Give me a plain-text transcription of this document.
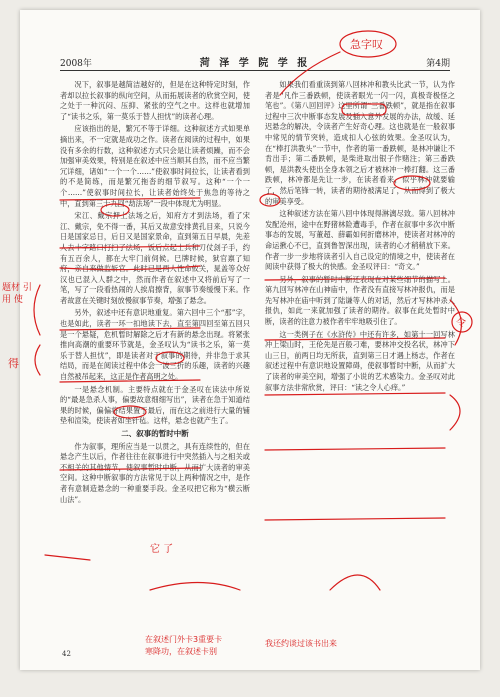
2008年	菏 泽 学 院 学 报	第4期

况下，叙事是越简洁越好的，但是在这种特定时刻，作者却以拉长叙事的纵向空间，从而拓展读者的欣赏空间，使之处于一种沉闷、压抑、紧张的空气之中。这样也就增加了“读书之乐，第一莫乐于替人担忧”的读者心理。

应该指出的是，繁冗不等于详细。这种叙述方式如果单摘出来，不一定就是成功之作。读者在阅读的过程中，如果没有多余的行数，这种叙述方式只会是让读者烦躁，而不会加强审美效果，特别是在叙述中应当顺其自然，而不应当繁冗详细，诸如“一个一个……”使叙事时间拉长，让读者看到的不是简练，而是繁冗拖沓的细节叙写。这种“一个一个……”使叙事时间拉长，让读者始终处于焦急的等待之中，直到第三十九回“劫法场”一段中体现尤为明显。

宋江、戴宗押上法场之后，知府方才到法场，看了宋江、戴宗，免不得一番，其后又故意安排黄孔目来，只说今日是国家忌日，后日又是国家景命，直到第五日早晨，先差人去十字路口打扫了法场，饭后点起士兵和刀仗刽子手，约有五百余人，都在大牢门前伺候。巳牌时候，狱官禀了知府，亲自来做监斩官。此时已是两人性命攸关，晁盖等众好汉也已混入人群之中，然而作者在叙述中又将前后写了一笔，写了一段看热闹的人挨肩擦背，叙事节奏缓慢下来。作者故意在关键时刻放慢叙事节奏，增强了悬念。

另外，叙述中还有意识地重复。第六回中三个“那”字，也是如此，读者一环一扣地读下去，直至第四回至第五回只是一个悬疑，危机暂时解除之后才有新的悬念出现。将紧张推向高潮的重要环节就是，金圣叹认为“读书之乐，第一莫乐于替人担忧”，即是读者对于叙事的期待，并非急于求其结局，而是在阅读过程中体会一波三折的乐趣，读者的兴趣自然被吊起来，这正是作者高明之处。

一是悬念机制。主要特点就在于金圣叹在读法中所说的“最是急杀人事，偏要故意细细写出”，读者在急于知道结果的时候，偏偏将结果置于最后，而在这之前进行大量的铺垫和渲染，使读者如坐针毡。这样，悬念也就产生了。

二、叙事的暂时中断

作为叙事，理所应当是一以贯之，具有连续性的，但在悬念产生以后，作者往往在叙事进行中突然插入与之相关或不相关的其他情节，使叙事暂时中断，从而扩大读者的审美空间。这种中断叙事的方法常见于以上两种情况之中，是作者有意制造悬念的一种重要手段。金圣叹把它称为“横云断山法”。

如果我们看重读到第八回林冲和教头比武一节，认为作者是“凡作三番跌顿，使读者眼光一闪一闪，真极奇极怪之笔也”。《第八回回评》这里所谓“三番跌顿”，就是指在叙事过程中三次中断事态发展及插入意外发展的办法，故缓、延迟悬念的解决，令读者产生好奇心理。这也就是在一般叙事中常见的情节突转，造成扣人心弦的效果。金圣叹认为，在“棒打洪教头”一节中，作者的第一番跌顿，是林冲谦让不肯出手；第二番跌顿，是柴进取出银子作赌注；第三番跌顿，是洪教头使出全身本领之后才被林冲一棒打翻。这三番跌顿，林冲都是先让一步，在读者看来，似乎林冲就要输了，然后笔锋一转，读者的期待被满足了，从而得到了极大的审美享受。

这种叙述方法在第八回中体现得淋漓尽致。第八回林冲发配沧州，途中在野猪林险遭毒手，作者在叙事中多次中断事态的发展，写董超、薛霸如何折磨林冲，使读者对林冲的命运揪心不已，直到鲁智深出现，读者的心才稍稍放下来。作者一步一步地将读者引入自己设定的情境之中，使读者在阅读中获得了极大的快感。金圣叹评曰：“奇文。”

另外，叙事的暂时中断还表现在对某些细节的描写上。第九回写林冲在山神庙中，作者没有直接写林冲报仇，而是先写林冲在庙中听到了陆谦等人的对话，然后才写林冲杀人报仇，如此一来就加强了读者的期待。叙事在此处暂时中断，读者的注意力被作者牢牢地吸引住了。

这一类例子在《水浒传》中还有许多，如第十一回写林冲上梁山时，王伦先是百般刁难，要林冲交投名状，林冲下山三日，前两日均无所获，直到第三日才遇上杨志，作者在叙述过程中有意识地设置障碍，使叙事暂时中断，从而扩大了读者的审美空间，增强了小说的艺术感染力。金圣叹对此叙事方法非常欣赏，评曰：“读之令人心痒。”

42
急字叹
题材 引用 使
得
令
它 了
在叙述门外卡3重要卡
寒降功，在叙述卡别
我还约谈过该书出来
